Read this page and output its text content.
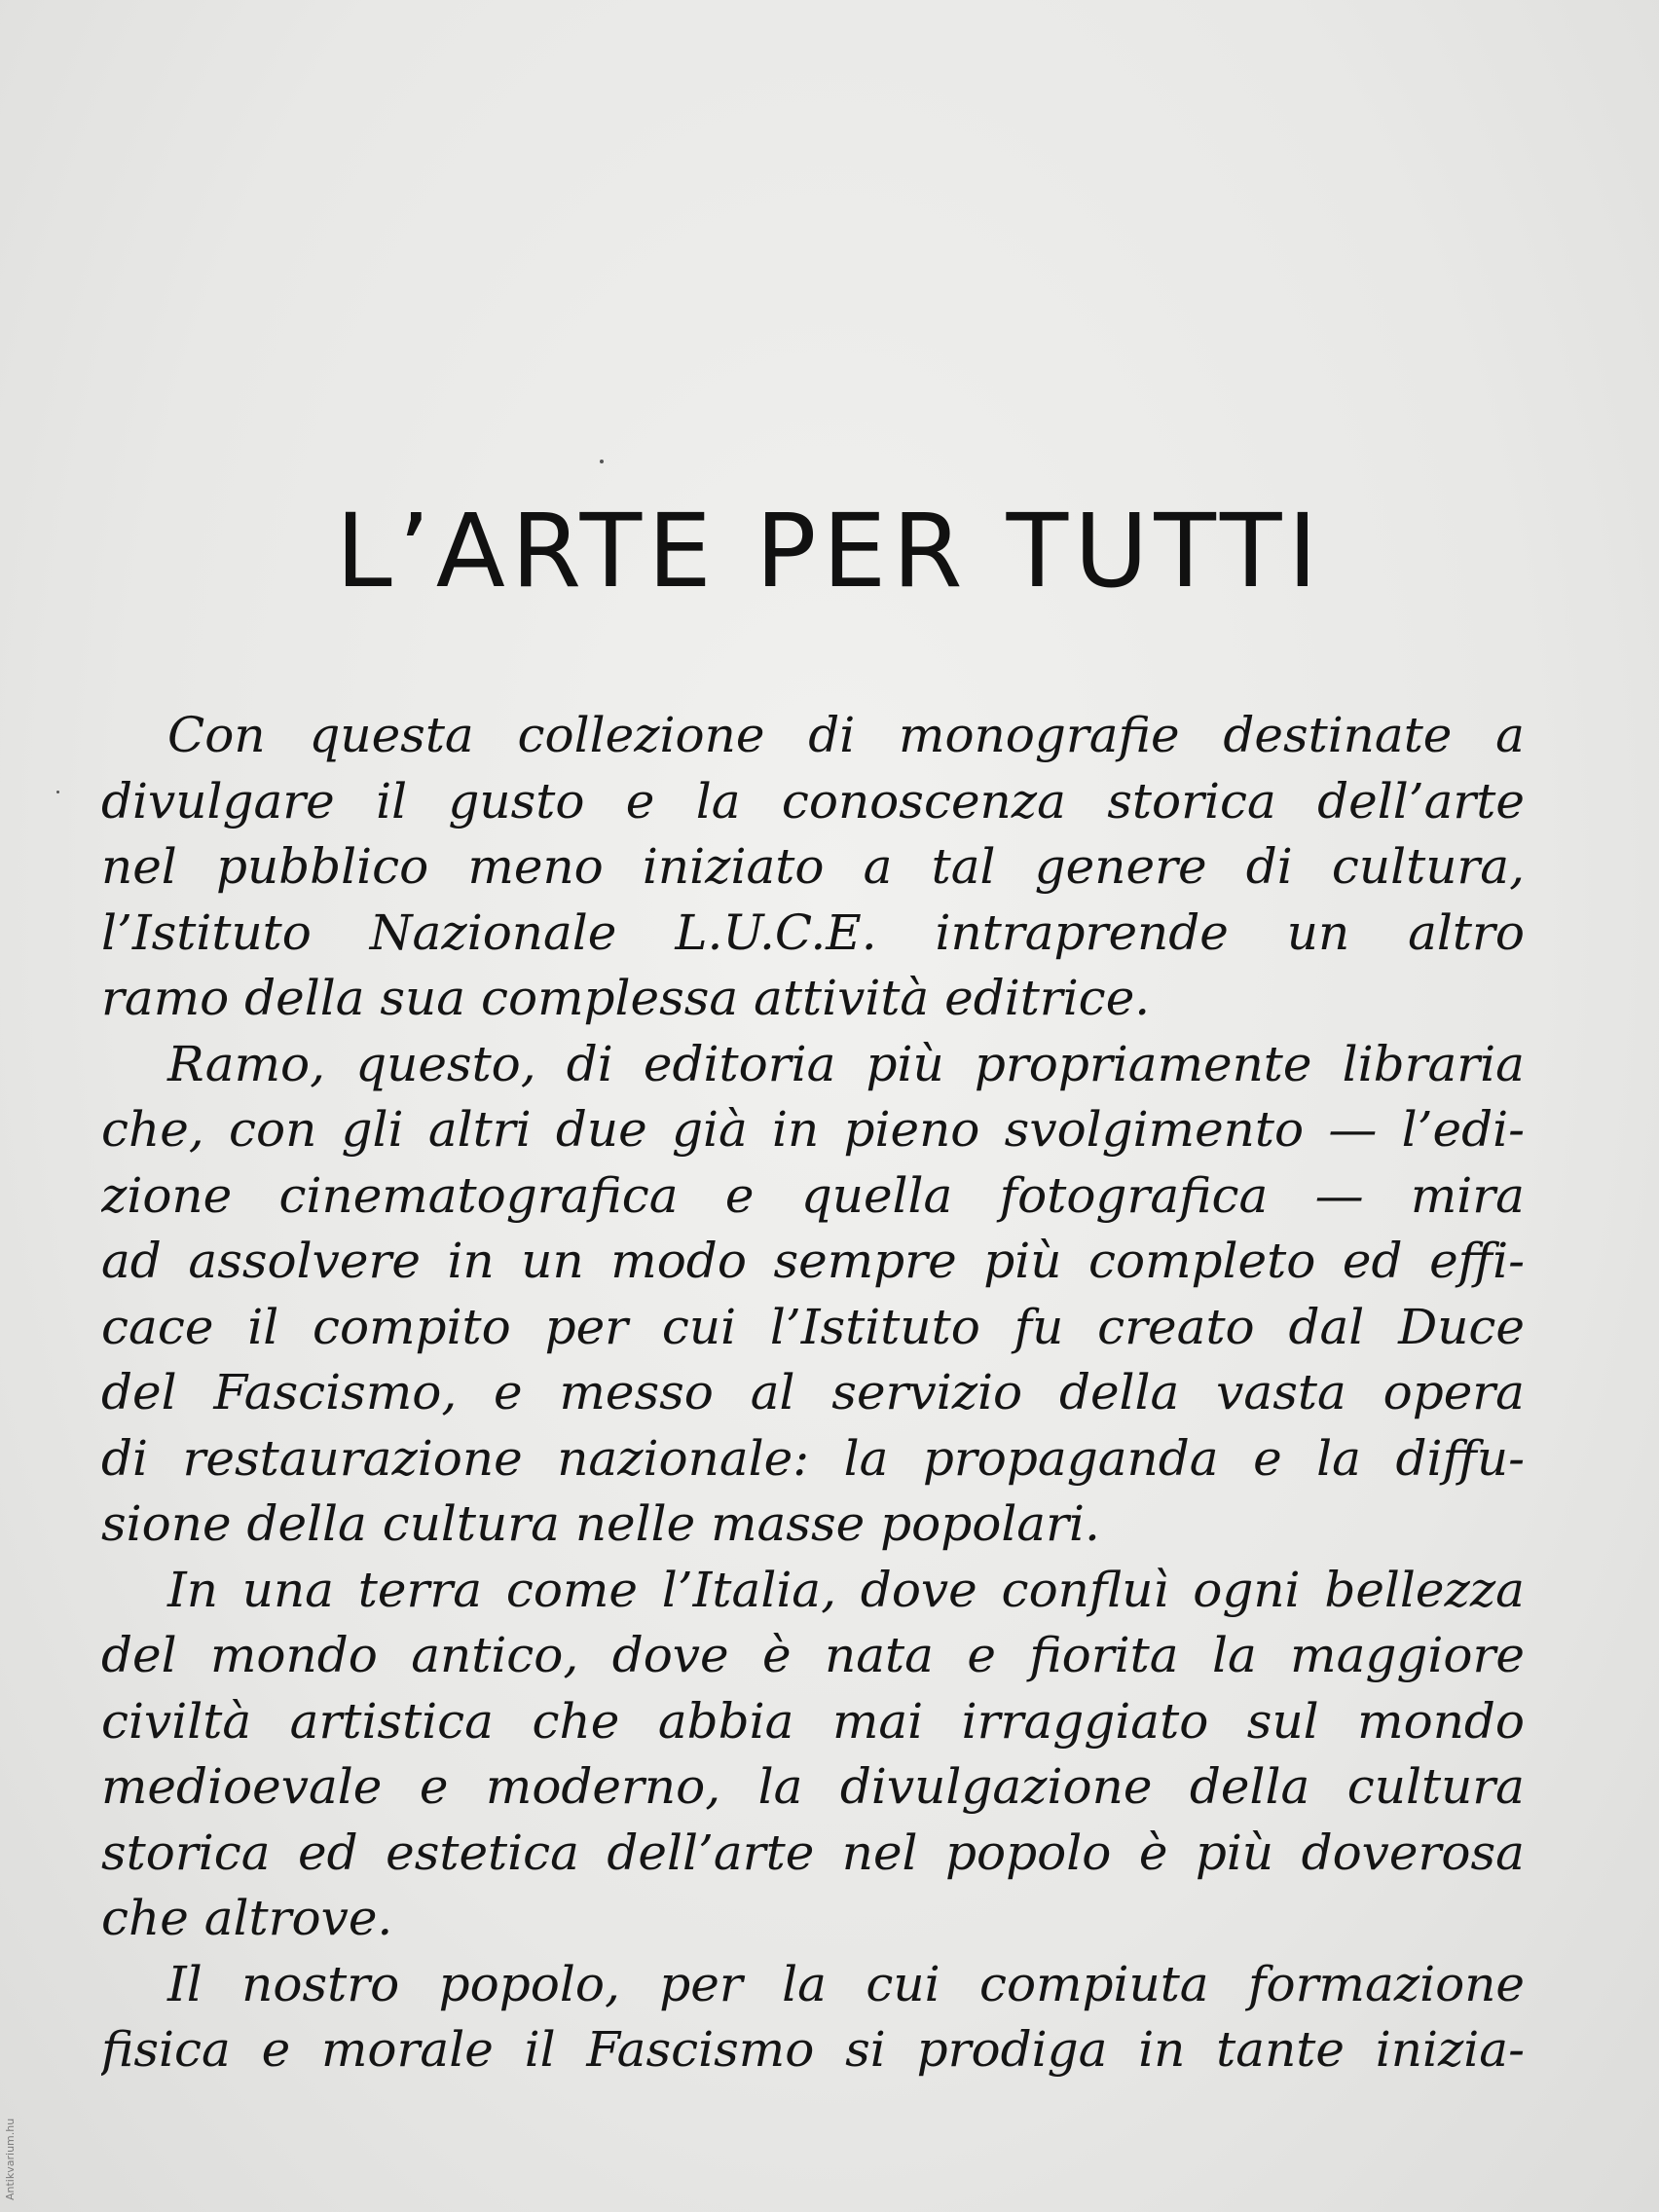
L’ARTE PER TUTTI
Con questa collezione di monografie destinate a
divulgare il gusto e la conoscenza storica dell’arte
nel pubblico meno iniziato a tal genere di cultura,
l’Istituto Nazionale L.U.C.E. intraprende un altro
ramo della sua complessa attività editrice.
Ramo, questo, di editoria più propriamente libraria
che, con gli altri due già in pieno svolgimento — l’edi-
zione cinematografica e quella fotografica — mira
ad assolvere in un modo sempre più completo ed effi-
cace il compito per cui l’Istituto fu creato dal Duce
del Fascismo, e messo al servizio della vasta opera
di restaurazione nazionale: la propaganda e la diffu-
sione della cultura nelle masse popolari.
In una terra come l’Italia, dove confluì ogni bellezza
del mondo antico, dove è nata e fiorita la maggiore
civiltà artistica che abbia mai irraggiato sul mondo
medioevale e moderno, la divulgazione della cultura
storica ed estetica dell’arte nel popolo è più doverosa
che altrove.
Il nostro popolo, per la cui compiuta formazione
fisica e morale il Fascismo si prodiga in tante inizia-
Antikvarium.hu
